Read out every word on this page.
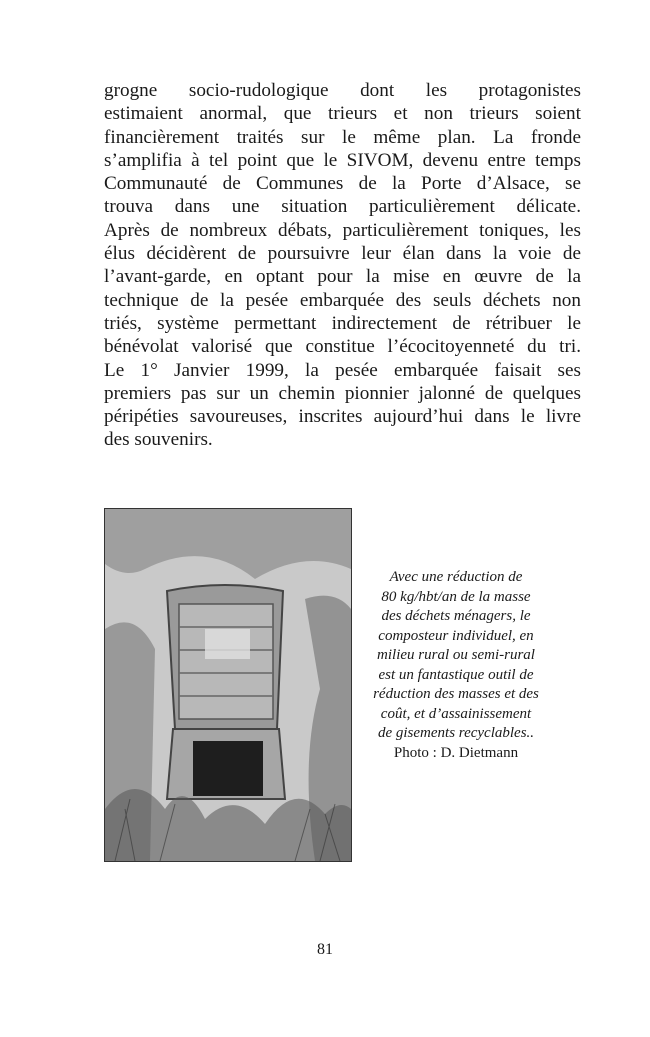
grogne socio-rudologique dont les protagonistes
estimaient anormal, que trieurs et non trieurs soient
financièrement traités sur le même plan. La fronde
s’amplifia à tel point que le SIVOM, devenu entre temps
Communauté de Communes de la Porte d’Alsace, se
trouva dans une situation particulièrement délicate.
Après de nombreux débats, particulièrement toniques, les
élus décidèrent de poursuivre leur élan dans la voie de
l’avant-garde, en optant pour la mise en œuvre de la
technique de la pesée embarquée des seuls déchets non
triés, système permettant indirectement de rétribuer le
bénévolat valorisé que constitue l’écocitoyenneté du tri.
Le 1° Janvier 1999, la pesée embarquée faisait ses
premiers pas sur un chemin pionnier jalonné de quelques
péripéties savoureuses, inscrites aujourd’hui dans le livre
des souvenirs.
Avec une réduction de
80 kg/hbt/an de la masse
des déchets ménagers, le
composteur individuel, en
milieu rural ou semi-rural
est un fantastique outil de
réduction des masses et des
coût, et d’assainissement
de gisements recyclables..
Photo : D. Dietmann
81
